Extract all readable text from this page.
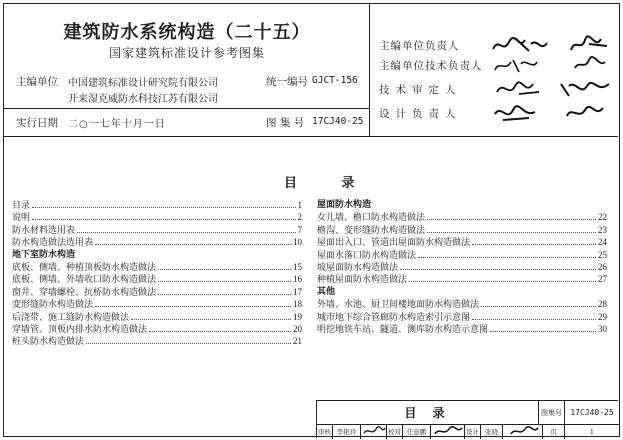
建筑防水系统构造（二十五）
国家建筑标准设计参考图集
主编单位 中国建筑标准设计研究院有限公司
开来湿克威防水科技江苏有限公司
统一编号 GJCT-156
实行日期 二○一七年十月一日	图 集 号 17CJ40-25
主编单位负责人
主编单位技术负责人
技术审定人
设计负责人
目 录
目录	1
说明	2
防水材料选用表	7
防水构造做法选用表	10
地下室防水构造
底板、侧墙、种植顶板防水构造做法	15
底板、侧墙、外墙收口防水构造做法	16
窗井、穿墙螺栓、抗桥防水构造做法	17
变形缝防水构造做法	18
后浇带、施工缝防水构造做法	19
穿墙管、顶板内排水防水构造做法	20
桩头防水构造做法	21
屋面防水构造
女儿墙、檐口防水构造做法	22
檐沟、变形缝防水构造做法	23
屋面出入口、管道出屋面防水构造做法	24
屋面水落口防水构造做法	25
坡屋面防水构造做法	26
种植屋面防水构造做法	27
其他
外墙、水池、厨卫间楼地面防水构造做法	28
城市地下综合管廊防水构造索引示意图	29
明挖地铁车站、隧道、测库防水构造示意图	30
目 录	图集号	17CJ40-25
审核 李艳玲	校对 任意鹏	设计 张晓	页	1
